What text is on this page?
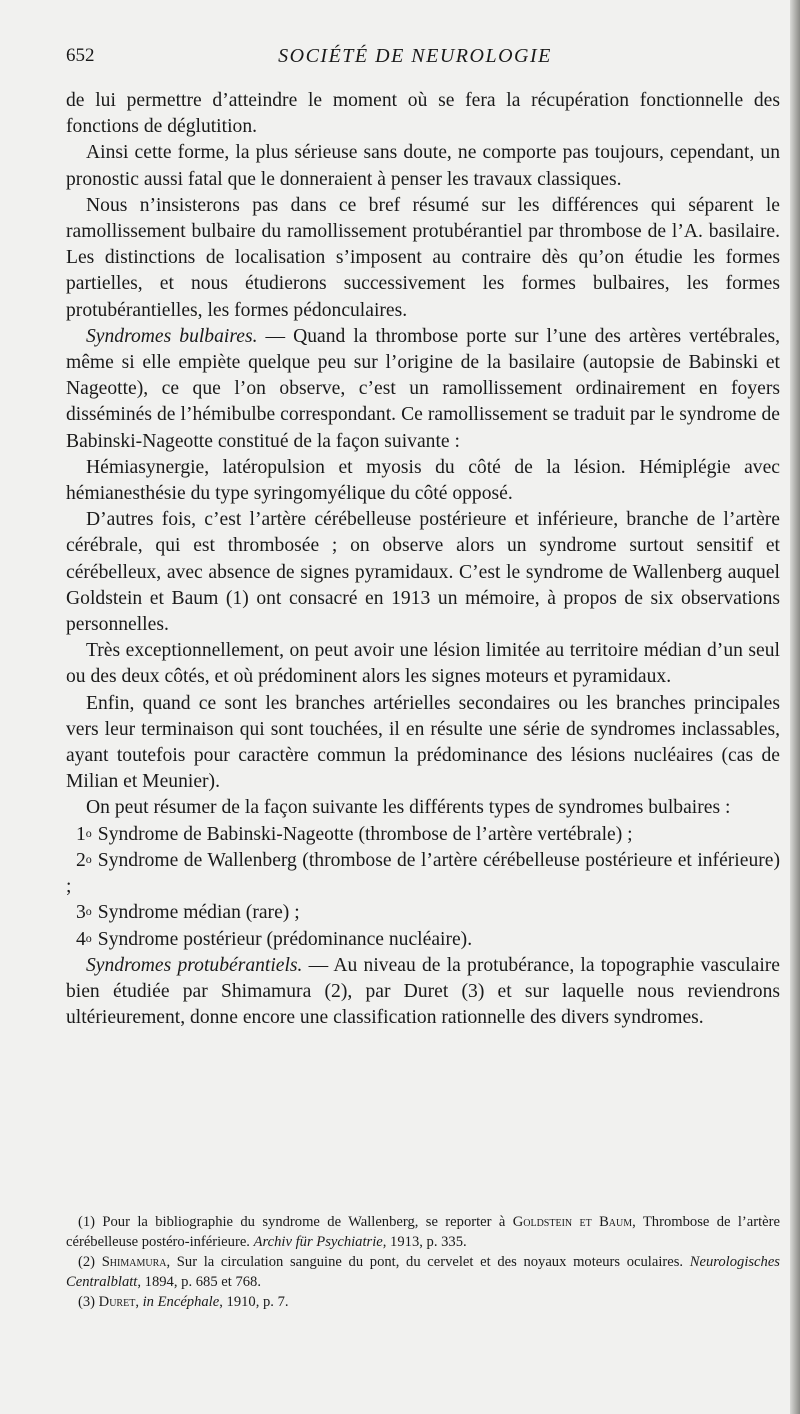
652	SOCIÉTÉ DE NEUROLOGIE

de lui permettre d’atteindre le moment où se fera la récupération fonctionnelle des fonctions de déglutition.

Ainsi cette forme, la plus sérieuse sans doute, ne comporte pas toujours, cependant, un pronostic aussi fatal que le donneraient à penser les travaux classiques.

Nous n’insisterons pas dans ce bref résumé sur les différences qui séparent le ramollissement bulbaire du ramollissement protubérantiel par thrombose de l’A. basilaire. Les distinctions de localisation s’imposent au contraire dès qu’on étudie les formes partielles, et nous étudierons successivement les formes bulbaires, les formes protubérantielles, les formes pédonculaires.

Syndromes bulbaires. — Quand la thrombose porte sur l’une des artères vertébrales, même si elle empiète quelque peu sur l’origine de la basilaire (autopsie de Babinski et Nageotte), ce que l’on observe, c’est un ramollissement ordinairement en foyers disséminés de l’hémibulbe correspondant. Ce ramollissement se traduit par le syndrome de Babinski-Nageotte constitué de la façon suivante :

Hémiasynergie, latéropulsion et myosis du côté de la lésion. Hémiplégie avec hémianesthésie du type syringomyélique du côté opposé.

D’autres fois, c’est l’artère cérébelleuse postérieure et inférieure, branche de l’artère cérébrale, qui est thrombosée ; on observe alors un syndrome surtout sensitif et cérébelleux, avec absence de signes pyramidaux. C’est le syndrome de Wallenberg auquel Goldstein et Baum (1) ont consacré en 1913 un mémoire, à propos de six observations personnelles.

Très exceptionnellement, on peut avoir une lésion limitée au territoire médian d’un seul ou des deux côtés, et où prédominent alors les signes moteurs et pyramidaux.

Enfin, quand ce sont les branches artérielles secondaires ou les branches principales vers leur terminaison qui sont touchées, il en résulte une série de syndromes inclassables, ayant toutefois pour caractère commun la prédominance des lésions nucléaires (cas de Milian et Meunier).

On peut résumer de la façon suivante les différents types de syndromes bulbaires :

1$^o$ Syndrome de Babinski-Nageotte (thrombose de l’artère vertébrale) ;

2$^o$ Syndrome de Wallenberg (thrombose de l’artère cérébelleuse postérieure et inférieure) ;

3$^o$ Syndrome médian (rare) ;

4$^o$ Syndrome postérieur (prédominance nucléaire).

Syndromes protubérantiels. — Au niveau de la protubérance, la topographie vasculaire bien étudiée par Shimamura (2), par Duret (3) et sur laquelle nous reviendrons ultérieurement, donne encore une classification rationnelle des divers syndromes.

(1) Pour la bibliographie du syndrome de Wallenberg, se reporter à Goldstein et Baum, Thrombose de l’artère cérébelleuse postéro-inférieure. Archiv für Psychiatrie, 1913, p. 335.

(2) Shimamura, Sur la circulation sanguine du pont, du cervelet et des noyaux moteurs oculaires. Neurologisches Centralblatt, 1894, p. 685 et 768.

(3) Duret, in Encéphale, 1910, p. 7.
